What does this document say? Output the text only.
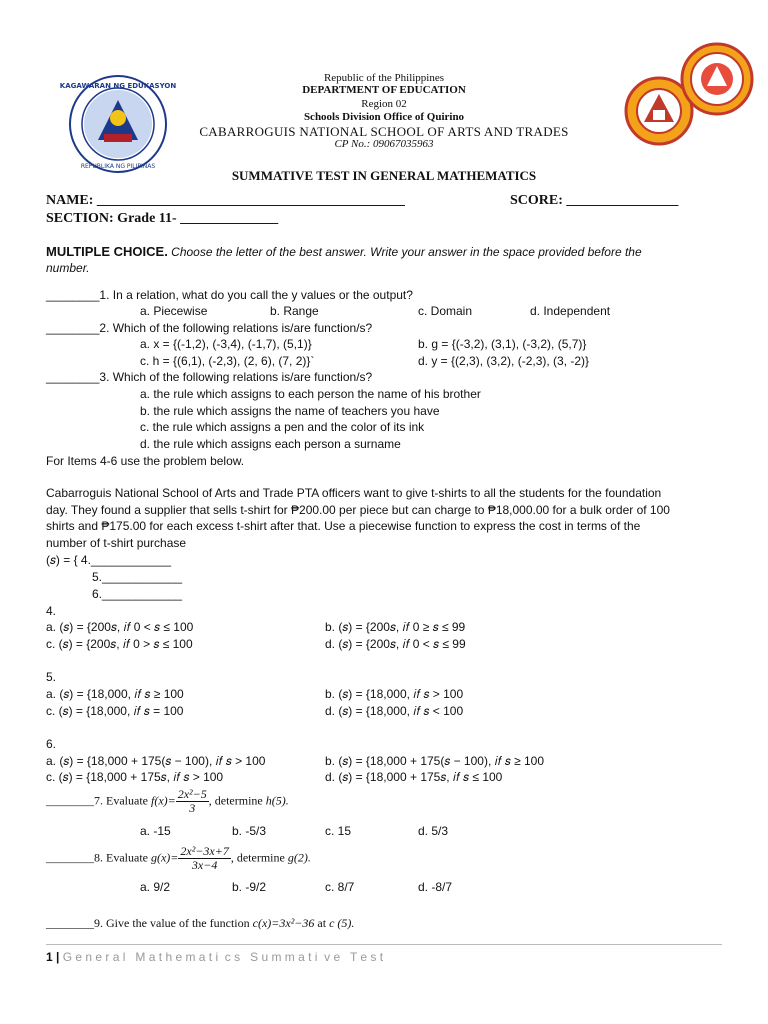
KAGAWARAN NG EDUKASYON
REPUBLIKA NG PILIPINAS
Republic of the Philippines
DEPARTMENT OF EDUCATION
Region 02
Schools Division Office of Quirino
CABARROGUIS NATIONAL SCHOOL OF ARTS AND TRADES
CP No.: 09067035963
SUMMATIVE TEST IN GENERAL MATHEMATICS
NAME: ____________________________________________	SCORE: ________________
SECTION: Grade 11- ______________
MULTIPLE CHOICE. Choose the letter of the best answer. Write your answer in the space provided before the
number.
________1. In a relation, what do you call the y values or the output?
a. Piecewise	b. Range	c. Domain	d. Independent
________2. Which of the following relations is/are function/s?
a. x = {(-1,2), (-3,4), (-1,7), (5,1)}	b. g = {(-3,2), (3,1), (-3,2), (5,7)}
c. h = {(6,1), (-2,3), (2, 6), (7, 2)}`	d. y = {(2,3), (3,2), (-2,3), (3, -2)}
________3. Which of the following relations is/are function/s?
a. the rule which assigns to each person the name of his brother
b. the rule which assigns the name of teachers you have
c. the rule which assigns a pen and the color of its ink
d. the rule which assigns each person a surname
For Items 4-6 use the problem below.
Cabarroguis National School of Arts and Trade PTA officers want to give t-shirts to all the students for the foundation
day. They found a supplier that sells t-shirt for ₱200.00 per piece but can charge to ₱18,000.00 for a bulk order of 100
shirts and ₱175.00 for each excess t-shirt after that. Use a piecewise function to express the cost in terms of the
number of t-shirt purchase
(𝑠) = { 4.____________
5.____________
6.____________
4.
a. (𝑠) = {200𝑠, 𝑖𝑓 0 < 𝑠 ≤ 100	b. (𝑠) = {200𝑠, 𝑖𝑓 0 ≥ 𝑠 ≤ 99
c. (𝑠) = {200𝑠, 𝑖𝑓 0 > 𝑠 ≤ 100	d. (𝑠) = {200𝑠, 𝑖𝑓 0 < 𝑠 ≤ 99
5.
a. (𝑠) = {18,000, 𝑖𝑓 𝑠 ≥ 100	b. (𝑠) = {18,000, 𝑖𝑓 𝑠 > 100
c. (𝑠) = {18,000, 𝑖𝑓 𝑠 = 100	d. (𝑠) = {18,000, 𝑖𝑓 𝑠 < 100
6.
a. (𝑠) = {18,000 + 175(𝑠 − 100), 𝑖𝑓 𝑠 > 100	b. (𝑠) = {18,000 + 175(𝑠 − 100), 𝑖𝑓 𝑠 ≥ 100
c. (𝑠) = {18,000 + 175𝑠, 𝑖𝑓 𝑠 > 100	d. (𝑠) = {18,000 + 175𝑠, 𝑖𝑓 𝑠 ≤ 100
________7. Evaluate $f(x)= \frac{\text{2x²−5}}{3}$ , determine h(5).
a. -15	b. -5/3	c. 15	d. 5/3
________8. Evaluate $g(x)= \frac{\text{2x²−3x+7}}{3x-4}$ , determine g(2).
a. 9/2	b. -9/2	c. 8/7	d. -8/7
________9. Give the value of the function c(x)=3x²−36 at c (5).
1 | G e n e r a l   M a t h e m a t i  c s   S u m m a t i  v e   T e s t
